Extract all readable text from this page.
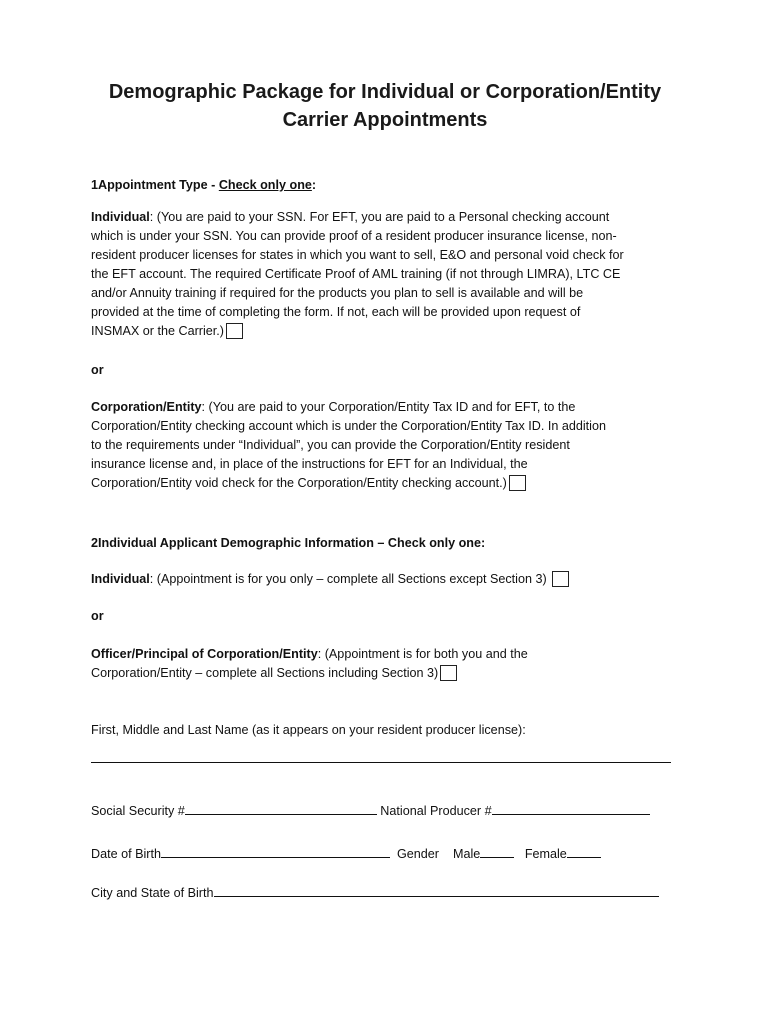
Demographic Package for Individual or Corporation/Entity
Carrier Appointments
1Appointment Type - Check only one:
Individual: (You are paid to your SSN. For EFT, you are paid to a Personal checking account
which is under your SSN. You can provide proof of a resident producer insurance license, non-
resident producer licenses for states in which you want to sell, E&O and personal void check for
the EFT account. The required Certificate Proof of AML training (if not through LIMRA), LTC CE
and/or Annuity training if required for the products you plan to sell is available and will be
provided at the time of completing the form. If not, each will be provided upon request of
INSMAX or the Carrier.)
or
Corporation/Entity: (You are paid to your Corporation/Entity Tax ID and for EFT, to the
Corporation/Entity checking account which is under the Corporation/Entity Tax ID. In addition
to the requirements under “Individual”, you can provide the Corporation/Entity resident
insurance license and, in place of the instructions for EFT for an Individual, the
Corporation/Entity void check for the Corporation/Entity checking account.)
2Individual Applicant Demographic Information – Check only one:
Individual: (Appointment is for you only – complete all Sections except Section 3)
or
Officer/Principal of Corporation/Entity: (Appointment is for both you and the
Corporation/Entity – complete all Sections including Section 3)
First, Middle and Last Name (as it appears on your resident producer license):
Social Security #	National Producer #
Date of Birth	Gender Male	Female
City and State of Birth
